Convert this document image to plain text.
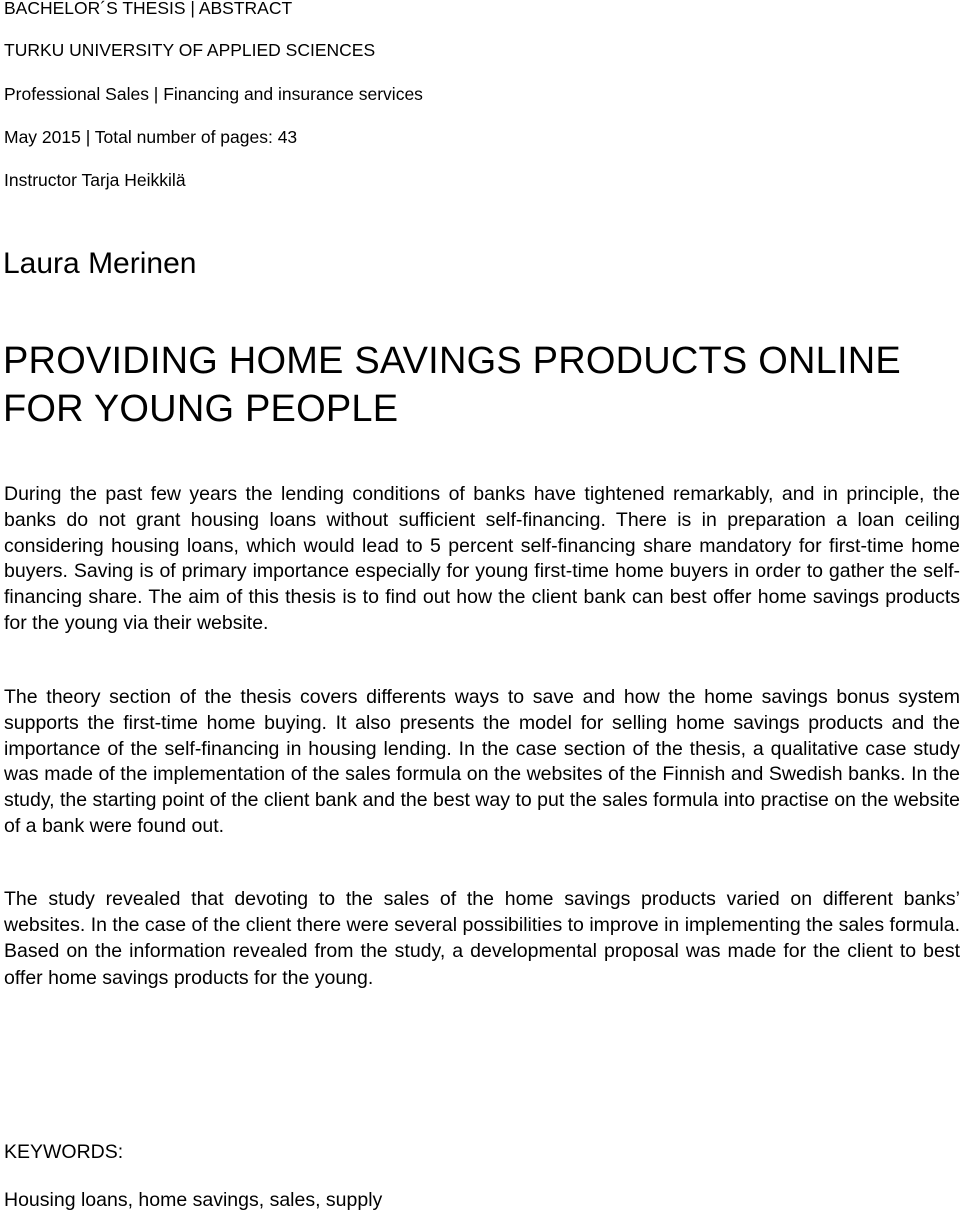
BACHELOR´S THESIS | ABSTRACT
TURKU UNIVERSITY OF APPLIED SCIENCES
Professional Sales | Financing and insurance services
May 2015 | Total number of pages: 43
Instructor Tarja Heikkilä
Laura Merinen
PROVIDING HOME SAVINGS PRODUCTS ONLINE
FOR YOUNG PEOPLE

During the past few years the lending conditions of banks have tightened remarkably, and in principle, the banks do not grant housing loans without sufficient self-financing. There is in preparation a loan ceiling considering housing loans, which would lead to 5 percent self-financing share mandatory for first-time home buyers. Saving is of primary importance especially for young first-time home buyers in order to gather the self-financing share. The aim of this thesis is to find out how the client bank can best offer home savings products for the young via their website.

The theory section of the thesis covers differents ways to save and how the home savings bonus system supports the first-time home buying. It also presents the model for selling home savings products and the importance of the self-financing in housing lending. In the case section of the thesis, a qualitative case study was made of the implementation of the sales formula on the websites of the Finnish and Swedish banks. In the study, the starting point of the client bank and the best way to put the sales formula into practise on the website of a bank were found out.

The study revealed that devoting to the sales of the home savings products varied on different banks’ websites. In the case of the client there were several possibilities to improve in implementing the sales formula. Based on the information revealed from the study, a developmental proposal was made for the client to best offer home savings products for the young.

KEYWORDS:
Housing loans, home savings, sales, supply
